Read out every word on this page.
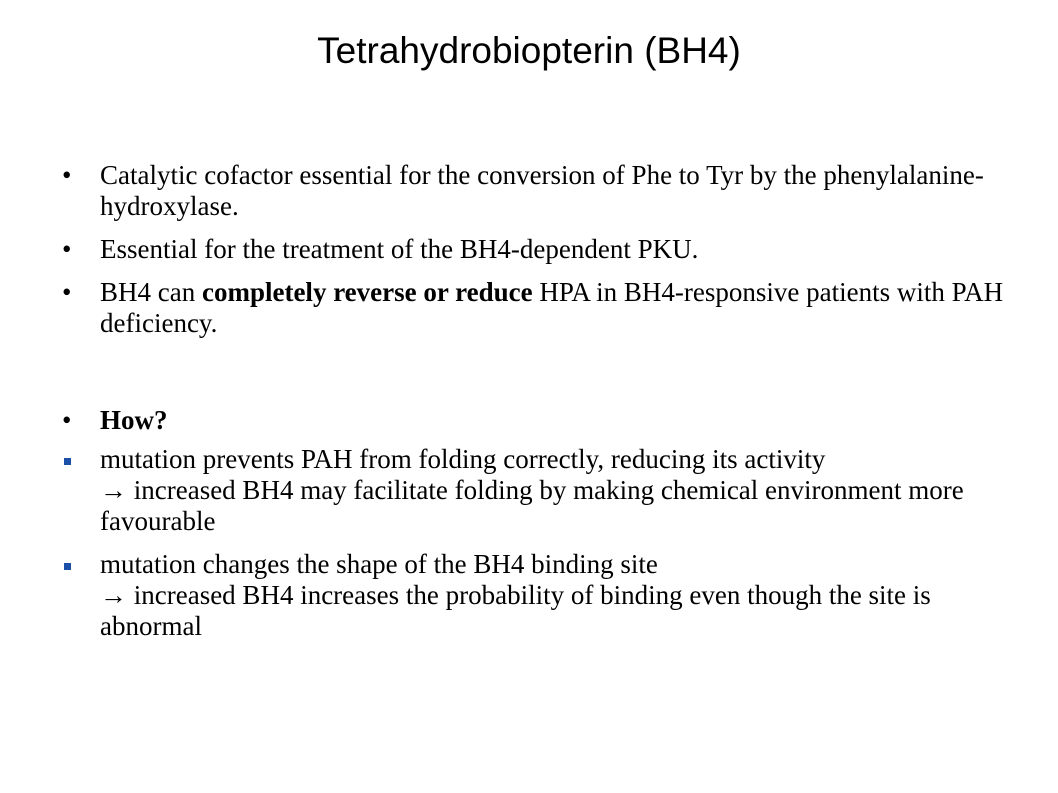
Tetrahydrobiopterin (BH4)
• Catalytic cofactor essential for the conversion of Phe to Tyr by the phenylalanine-hydroxylase.
• Essential for the treatment of the BH4-dependent PKU.
• BH4 can completely reverse or reduce HPA in BH4-responsive patients with PAH deficiency.
• How?
mutation prevents PAH from folding correctly, reducing its activity
→ increased BH4 may facilitate folding by making chemical environment more favourable
mutation changes the shape of the BH4 binding site
→ increased BH4 increases the probability of binding even though the site is abnormal
